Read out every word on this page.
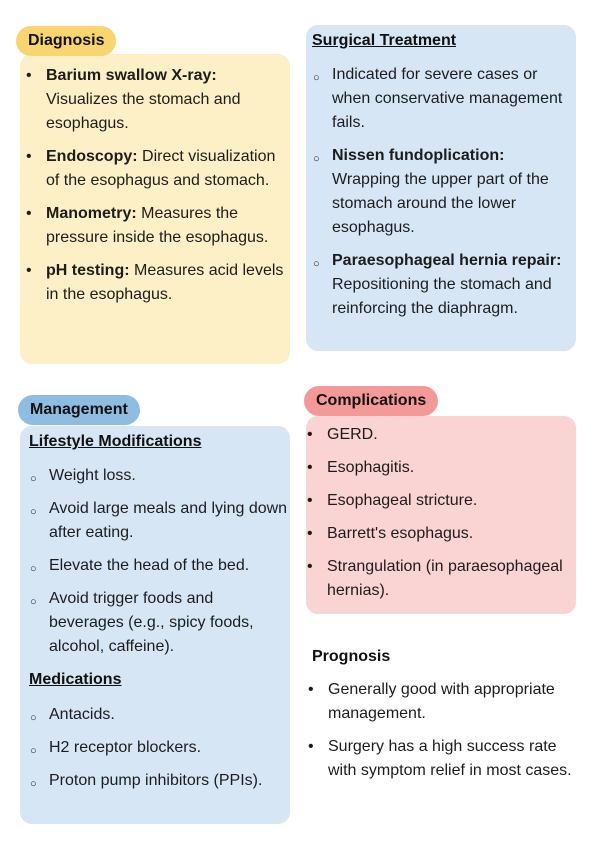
Diagnosis
• Barium swallow X-ray: Visualizes the stomach and esophagus.
• Endoscopy: Direct visualization of the esophagus and stomach.
• Manometry: Measures the pressure inside the esophagus.
• pH testing: Measures acid levels in the esophagus.
Surgical Treatment
○ Indicated for severe cases or when conservative management fails.
○ Nissen fundoplication: Wrapping the upper part of the stomach around the lower esophagus.
○ Paraesophageal hernia repair: Repositioning the stomach and reinforcing the diaphragm.
Management
Lifestyle Modifications
○ Weight loss.
○ Avoid large meals and lying down after eating.
○ Elevate the head of the bed.
○ Avoid trigger foods and beverages (e.g., spicy foods, alcohol, caffeine).
Medications
○ Antacids.
○ H2 receptor blockers.
○ Proton pump inhibitors (PPIs).
Complications
• GERD.
• Esophagitis.
• Esophageal stricture.
• Barrett's esophagus.
• Strangulation (in paraesophageal hernias).
Prognosis
• Generally good with appropriate management.
• Surgery has a high success rate with symptom relief in most cases.
